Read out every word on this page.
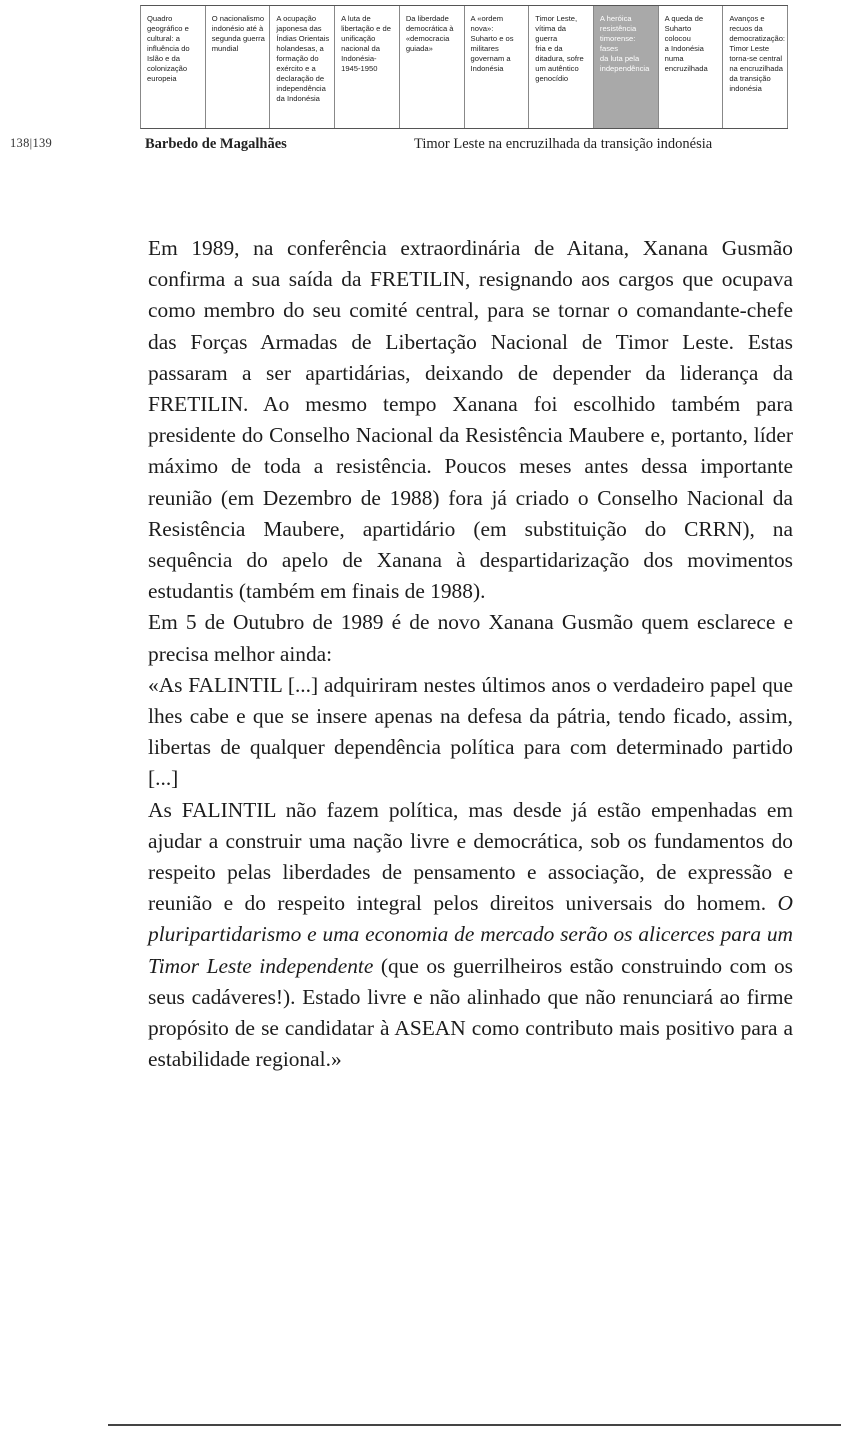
Quadro
geográfico e
cultural: a
influência do
Islão e da
colonização
europeia
O nacionalismo
indonésio até à
segunda guerra
mundial
A ocupação
japonesa das
Índias Orientais
holandesas, a
formação do
exército e a
declaração de
independência
da Indonésia
A luta de
libertação e de
unificação
nacional da
Indonésia-
1945-1950
Da liberdade
democrática à
«democracia
guiada»
A «ordem nova»:
Suharto e os
militares
governam a
Indonésia
Timor Leste,
vítima da guerra
fria e da
ditadura, sofre
um autêntico
genocídio
A heróica
resistência
timorense: fases
da luta pela
independência
A queda de
Suharto colocou
a Indonésia
numa
encruzilhada
Avanços e
recuos da
democratização:
Timor Leste
torna-se central
na encruzilhada
da transição
indonésia
138|139	Barbedo de Magalhães	Timor Leste na encruzilhada da transição indonésia

Em 1989, na conferência extraordinária de Aitana, Xanana Gusmão confirma a sua saída da FRETILIN, resignando aos cargos que ocupava como membro do seu comité central, para se tornar o comandante-chefe das Forças Armadas de Libertação Nacional de Timor Leste. Estas passaram a ser apartidárias, deixando de depender da liderança da FRETILIN. Ao mesmo tempo Xanana foi escolhido também para presidente do Conselho Nacional da Resistência Maubere e, portanto, líder máximo de toda a resistência. Poucos meses antes dessa importante reunião (em Dezembro de 1988) fora já criado o Conselho Nacional da Resistência Maubere, apartidário (em substituição do CRRN), na sequência do apelo de Xanana à despartidarização dos movimentos estudantis (também em finais de 1988).

Em 5 de Outubro de 1989 é de novo Xanana Gusmão quem esclarece e precisa melhor ainda:

«As FALINTIL [...] adquiriram nestes últimos anos o verdadeiro papel que lhes cabe e que se insere apenas na defesa da pátria, tendo ficado, assim, libertas de qualquer dependência política para com determinado partido [...]

As FALINTIL não fazem política, mas desde já estão empenhadas em ajudar a construir uma nação livre e democrática, sob os fundamentos do respeito pelas liberdades de pensamento e associação, de expressão e reunião e do respeito integral pelos direitos universais do homem. O pluripartidarismo e uma economia de mercado serão os alicerces para um Timor Leste independente (que os guerrilheiros estão construindo com os seus cadáveres!). Estado livre e não alinhado que não renunciará ao firme propósito de se candidatar à ASEAN como contributo mais positivo para a estabilidade regional.»
